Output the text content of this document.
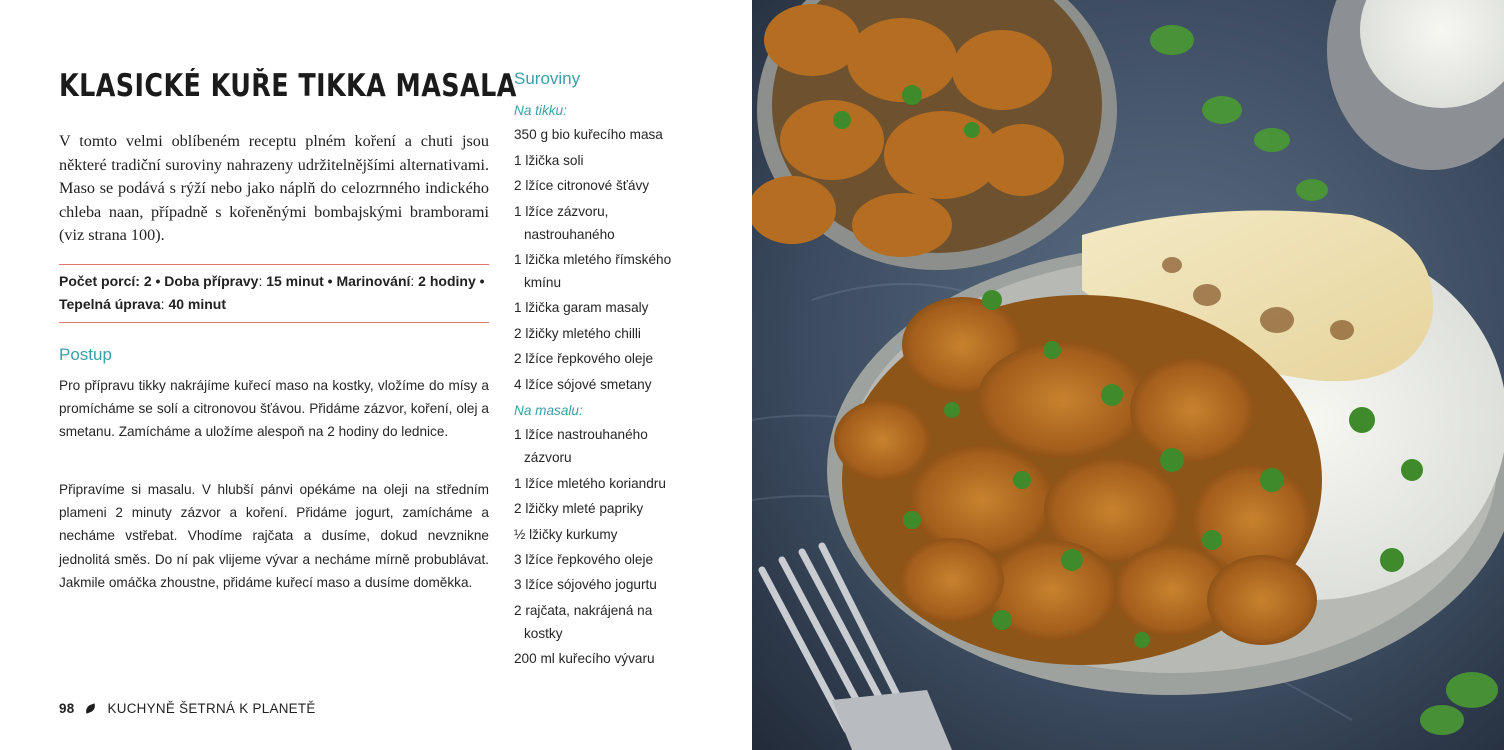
KLASICKÉ KUŘE TIKKA MASALA

V tomto velmi oblíbeném receptu plném koření a chuti jsou některé tradiční suroviny nahrazeny udržitelnějšími alternativami. Maso se podává s rýží nebo jako náplň do celozrnného indického chleba naan, případně s kořeněnými bombajskými bramborami (viz strana 100).

Počet porcí: 2 • Doba přípravy: 15 minut • Marinování: 2 hodiny •
Tepelná úprava: 40 minut
Postup

Pro přípravu tikky nakrájíme kuřecí maso na kostky, vložíme do mísy a promícháme se solí a citronovou šťávou. Přidáme zázvor, koření, olej a smetanu. Zamícháme a uložíme alespoň na 2 hodiny do lednice.

Připravíme si masalu. V hlubší pánvi opékáme na oleji na středním plameni 2 minuty zázvor a koření. Přidáme jogurt, zamícháme a necháme vstřebat. Vhodíme rajčata a dusíme, dokud nevznikne jednolitá směs. Do ní pak vlijeme vývar a necháme mírně probublávat. Jakmile omáčka zhoustne, přidáme kuřecí maso a dusíme doměkka.

Suroviny
Na tikku:
350 g bio kuřecího masa
1 lžička soli
2 lžíce citronové šťávy
1 lžíce zázvoru, nastrouhaného
1 lžička mletého římského kmínu
1 lžička garam masaly
2 lžičky mletého chilli
2 lžíce řepkového oleje
4 lžíce sójové smetany
Na masalu:
1 lžíce nastrouhaného zázvoru
1 lžíce mletého koriandru
2 lžičky mleté papriky
½ lžičky kurkumy
3 lžíce řepkového oleje
3 lžíce sójového jogurtu
2 rajčata, nakrájená na kostky
200 ml kuřecího vývaru
98 KUCHYNĚ ŠETRNÁ K PLANETĚ
